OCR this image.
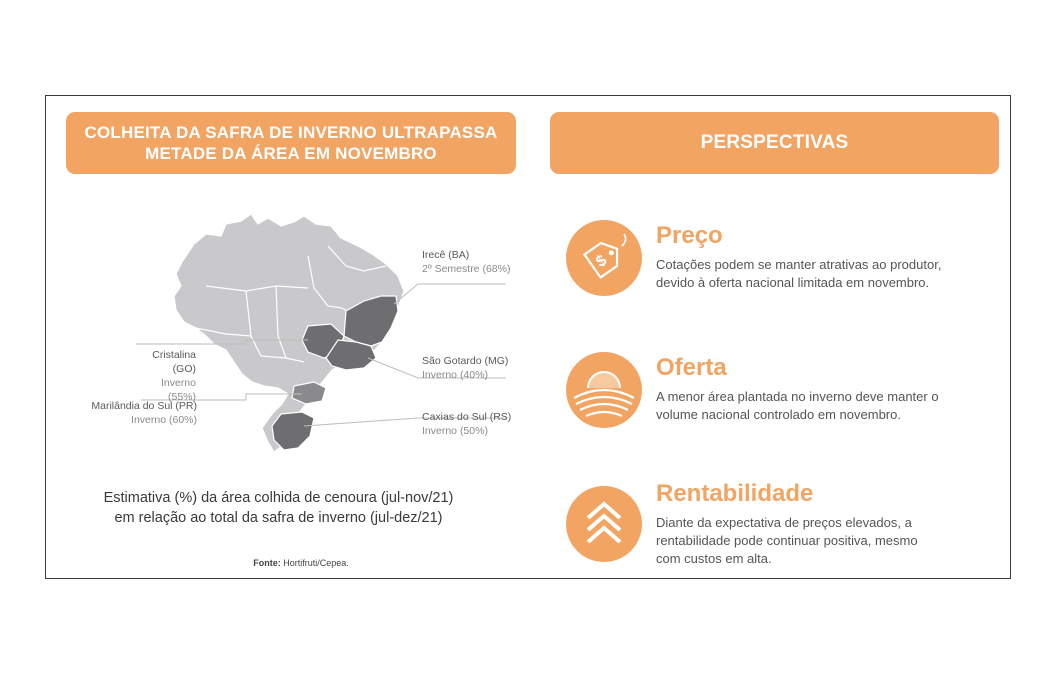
COLHEITA DA SAFRA DE INVERNO ULTRAPASSA
METADE DA ÁREA EM NOVEMBRO
Irecê (BA)
2º Semestre (68%)
Cristalina (GO)
Inverno (55%)
São Gotardo (MG)
Inverno (40%)
Marilândia do Sul (PR)
Inverno (60%)	Caxias do Sul (RS)
Inverno (50%)
Estimativa (%) da área colhida de cenoura (jul-nov/21)
em relação ao total da safra de inverno (jul-dez/21)
Fonte: Hortifruti/Cepea.
PERSPECTIVAS
$
Preço
Cotações podem se manter atrativas ao produtor,
devido à oferta nacional limitada em novembro.
Oferta
A menor área plantada no inverno deve manter o
volume nacional controlado em novembro.
Rentabilidade
Diante da expectativa de preços elevados, a
rentabilidade pode continuar positiva, mesmo
com custos em alta.
